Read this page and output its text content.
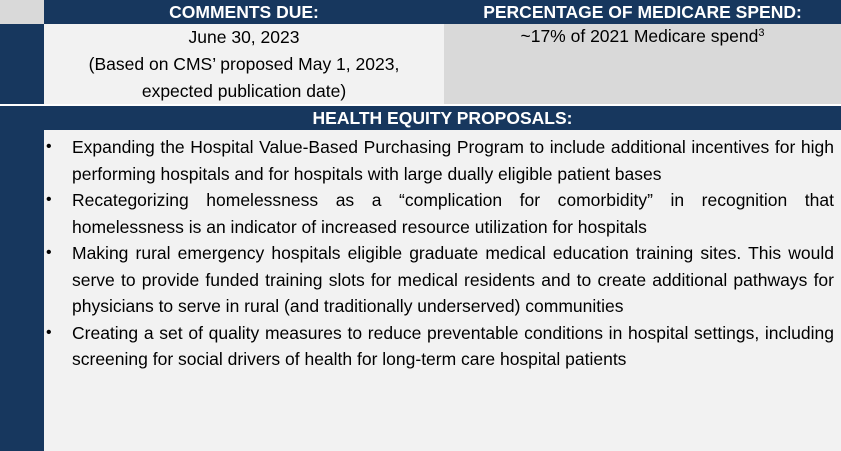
COMMENTS DUE:	PERCENTAGE OF MEDICARE SPEND:
June 30, 2023
(Based on CMS’ proposed May 1, 2023,
expected publication date)
~17% of 2021 Medicare spend$^3$
HEALTH EQUITY PROPOSALS:
• Expanding the Hospital Value-Based Purchasing Program to include additional incentives for high performing hospitals and for hospitals with large dually eligible patient bases
• Recategorizing homelessness as a “complication for comorbidity” in recognition that homelessness is an indicator of increased resource utilization for hospitals
• Making rural emergency hospitals eligible graduate medical education training sites. This would serve to provide funded training slots for medical residents and to create additional pathways for physicians to serve in rural (and traditionally underserved) communities
• Creating a set of quality measures to reduce preventable conditions in hospital settings, including screening for social drivers of health for long-term care hospital patients
